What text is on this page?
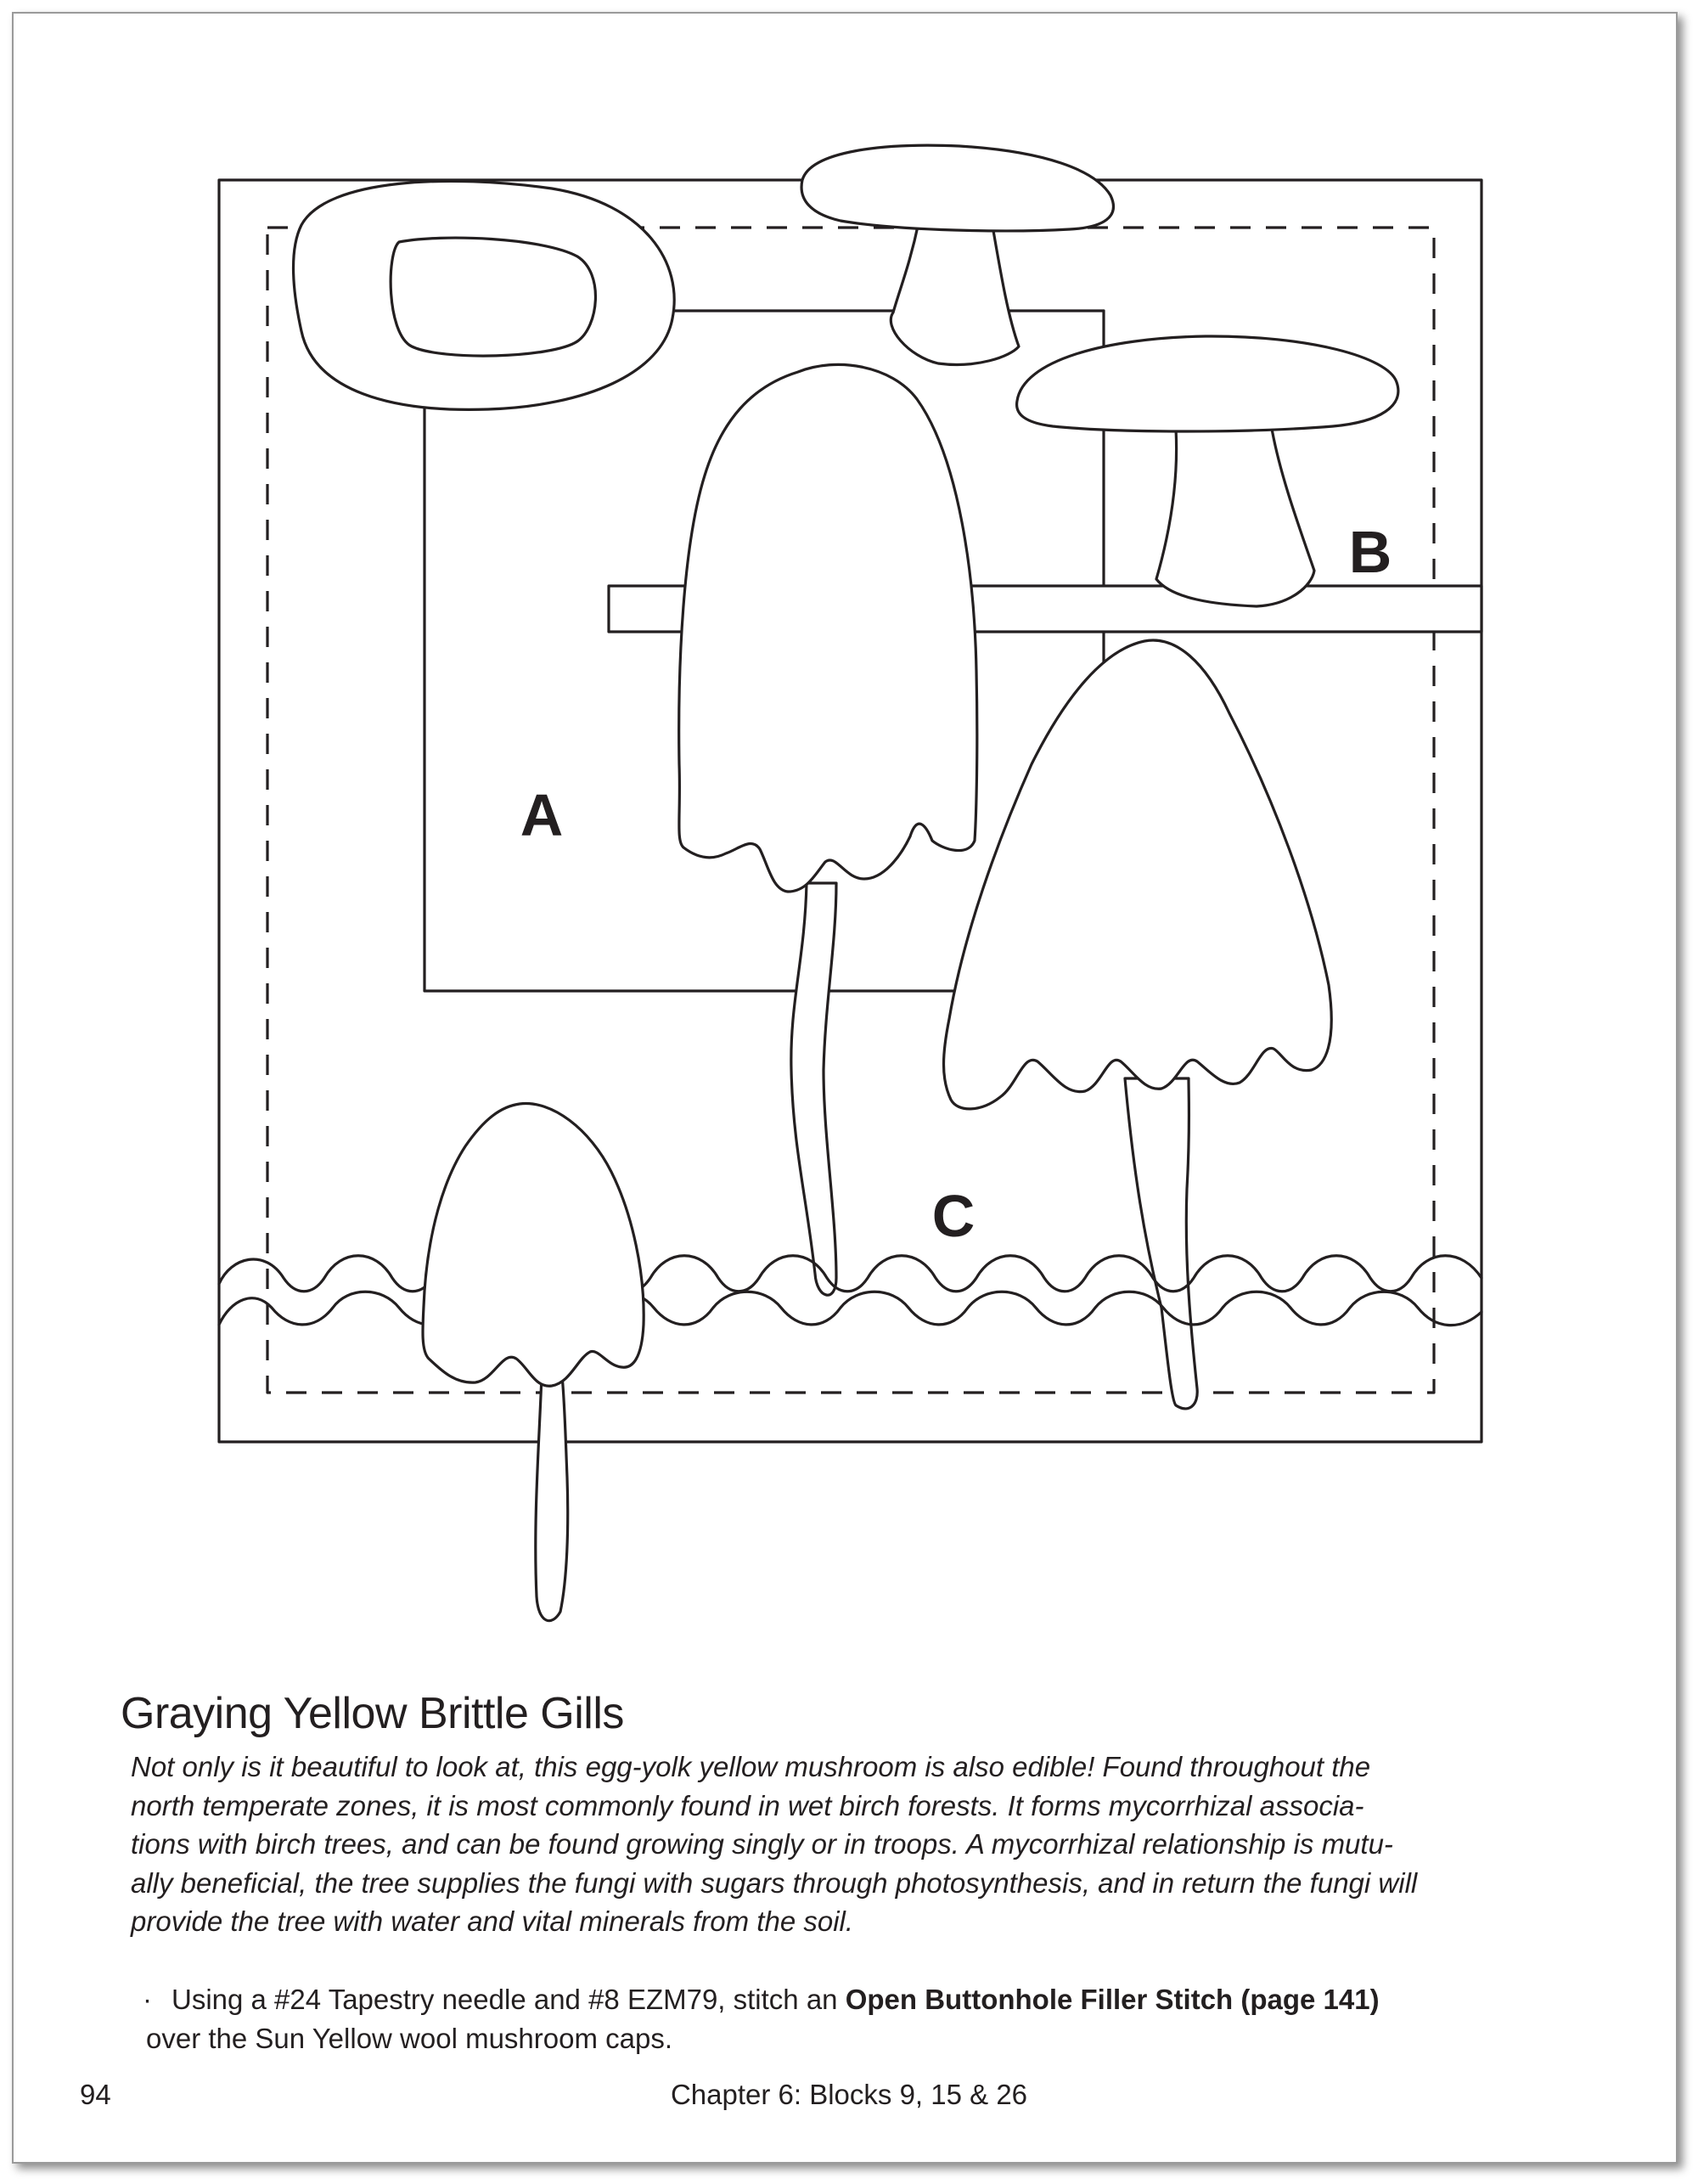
A
B
C
Graying Yellow Brittle Gills
Not only is it beautiful to look at, this egg-yolk yellow mushroom is also edible! Found throughout the
north temperate zones, it is most commonly found in wet birch forests. It forms mycorrhizal associa-
tions with birch trees, and can be found growing singly or in troops. A mycorrhizal relationship is mutu-
ally beneficial, the tree supplies the fungi with sugars through photosynthesis, and in return the fungi will
provide the tree with water and vital minerals from the soil.
· Using a #24 Tapestry needle and #8 EZM79, stitch an Open Buttonhole Filler Stitch (page 141)
over the Sun Yellow wool mushroom caps.
94	Chapter 6: Blocks 9, 15 & 26
